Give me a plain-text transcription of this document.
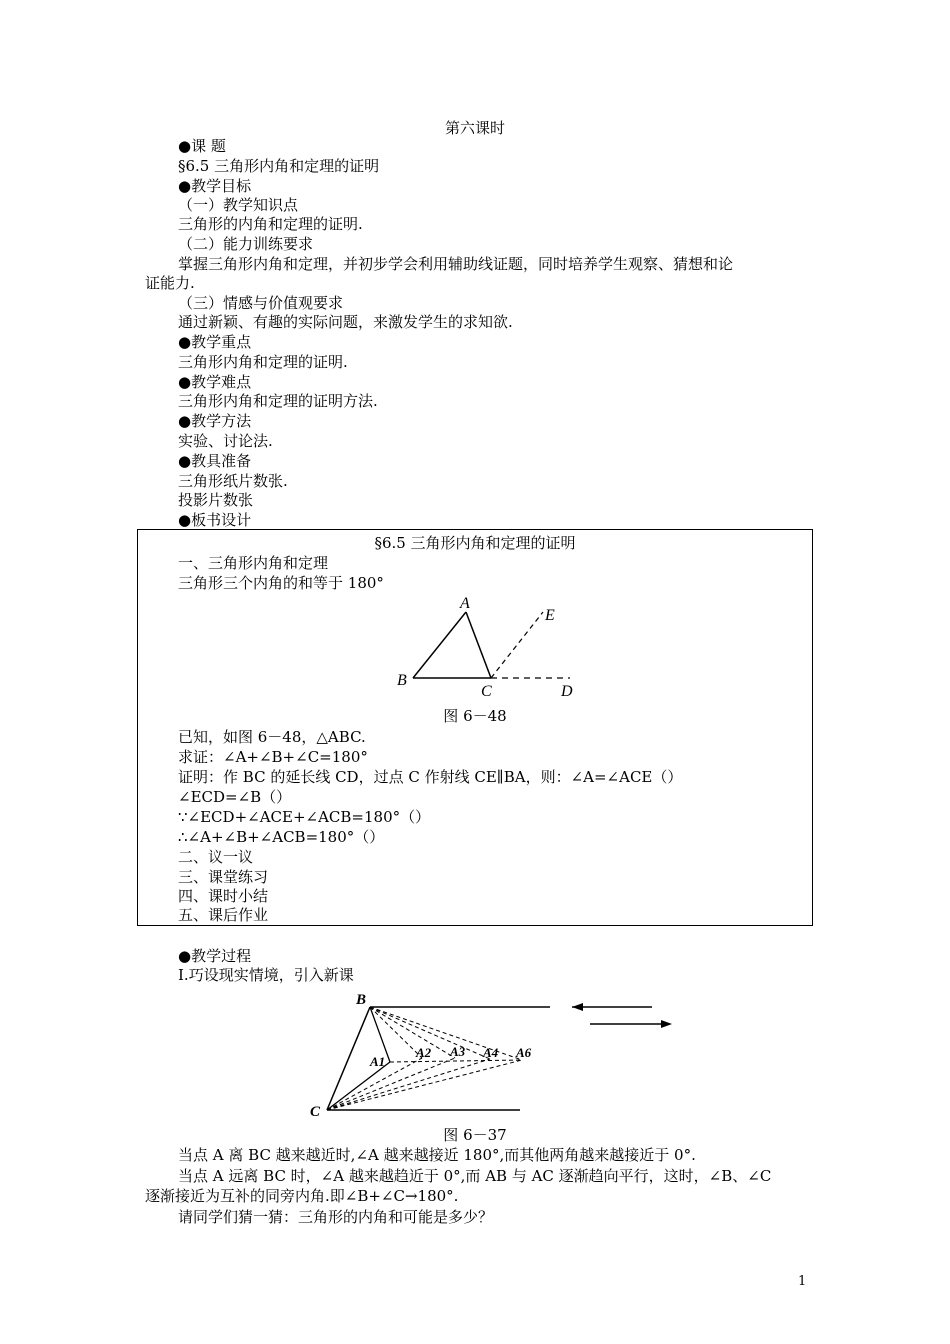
第六课时
●课 题
§6.5 三角形内角和定理的证明
●教学目标
（一）教学知识点
三角形的内角和定理的证明.
（二）能力训练要求
掌握三角形内角和定理，并初步学会利用辅助线证题，同时培养学生观察、猜想和论
证能力.
（三）情感与价值观要求
通过新颖、有趣的实际问题，来激发学生的求知欲.
●教学重点
三角形内角和定理的证明.
●教学难点
三角形内角和定理的证明方法.
●教学方法
实验、讨论法.
●教具准备
三角形纸片数张.
投影片数张
●板书设计
§6.5 三角形内角和定理的证明
一、三角形内角和定理
三角形三个内角的和等于 180°
A
E
B
C	D
图 6－48
已知，如图 6－48，△ABC.
求证：∠A+∠B+∠C=180°
证明：作 BC 的延长线 CD，过点 C 作射线 CE∥BA，则：∠A=∠ACE（）
∠ECD=∠B（）
∵∠ECD+∠ACE+∠ACB=180°（）
∴∠A+∠B+∠ACB=180°（）
二、议一议
三、课堂练习
四、课时小结
五、课后作业
●教学过程
Ⅰ.巧设现实情境，引入新课
B
C
A1
A2 A3 A4 A6
图 6－37
当点 A 离 BC 越来越近时,∠A 越来越接近 180°,而其他两角越来越接近于 0°.
当点 A 远离 BC 时，∠A 越来越趋近于 0°,而 AB 与 AC 逐渐趋向平行，这时，∠B、∠C
逐渐接近为互补的同旁内角.即∠B+∠C→180°.
请同学们猜一猜：三角形的内角和可能是多少？
1
